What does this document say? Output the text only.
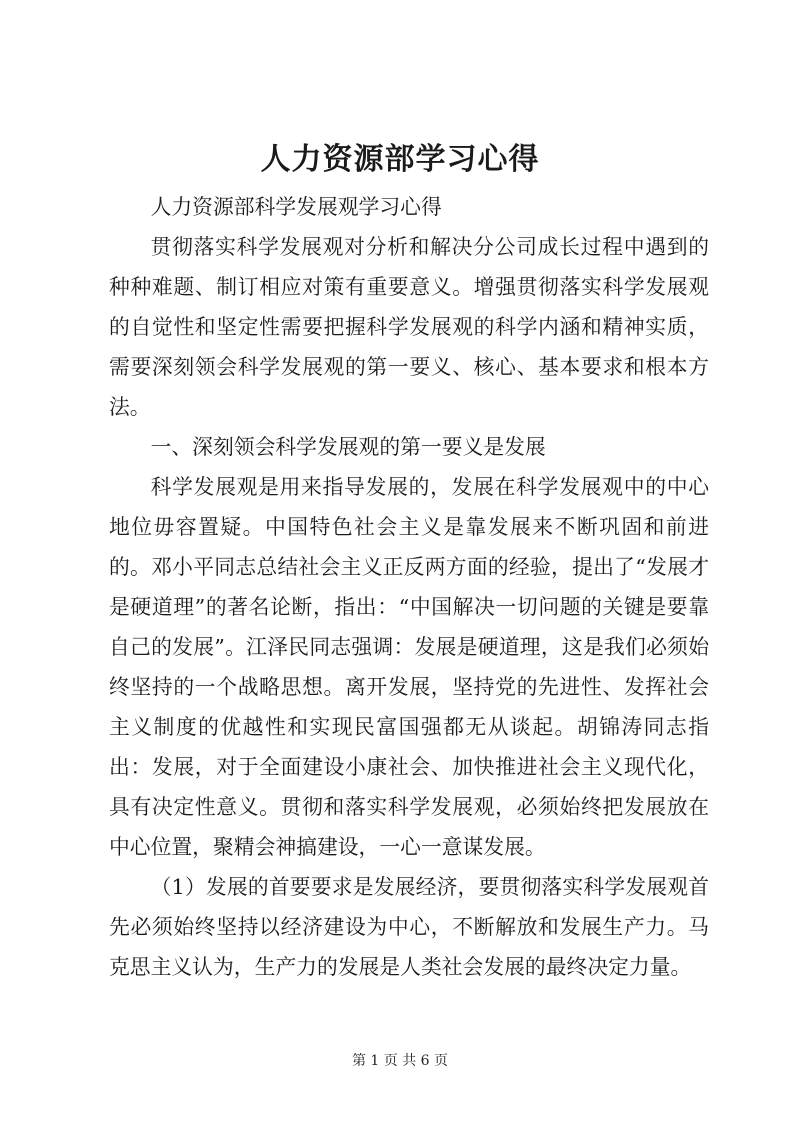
人力资源部学习心得

人力资源部科学发展观学习心得

贯彻落实科学发展观对分析和解决分公司成长过程中遇到的种种难题、制订相应对策有重要意义。增强贯彻落实科学发展观的自觉性和坚定性需要把握科学发展观的科学内涵和精神实质，需要深刻领会科学发展观的第一要义、核心、基本要求和根本方法。

一、深刻领会科学发展观的第一要义是发展

科学发展观是用来指导发展的，发展在科学发展观中的中心地位毋容置疑。中国特色社会主义是靠发展来不断巩固和前进的。邓小平同志总结社会主义正反两方面的经验，提出了“发展才是硬道理”的著名论断，指出：“中国解决一切问题的关键是要靠自己的发展”。江泽民同志强调：发展是硬道理，这是我们必须始终坚持的一个战略思想。离开发展，坚持党的先进性、发挥社会主义制度的优越性和实现民富国强都无从谈起。胡锦涛同志指出：发展，对于全面建设小康社会、加快推进社会主义现代化，具有决定性意义。贯彻和落实科学发展观，必须始终把发展放在中心位置，聚精会神搞建设，一心一意谋发展。

（1）发展的首要要求是发展经济，要贯彻落实科学发展观首先必须始终坚持以经济建设为中心，不断解放和发展生产力。马克思主义认为，生产力的发展是人类社会发展的最终决定力量。

第 1 页 共 6 页
